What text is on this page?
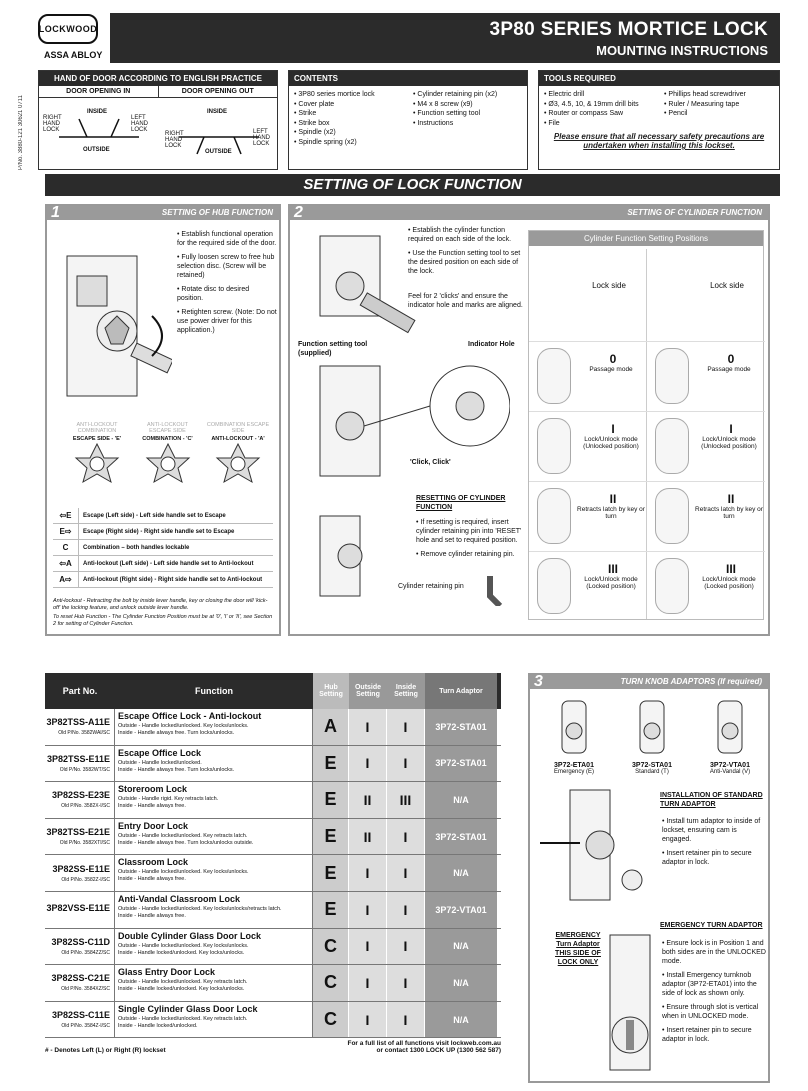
LOCKWOOD
ASSA ABLOY
P/No. 3880-121 30621 0711
3P80 SERIES MORTICE LOCK
MOUNTING INSTRUCTIONS
HAND OF DOOR ACCORDING TO ENGLISH PRACTICE
DOOR OPENING IN	DOOR OPENING OUT
INSIDE
OUTSIDE
INSIDE
OUTSIDE
RIGHT HAND LOCK
LEFT HAND LOCK
RIGHT HAND LOCK
LEFT HAND LOCK
CONTENTS
• 3P80 series mortice lock
• Cover plate
• Strike
• Strike box
• Spindle (x2)
• Spindle spring (x2)
• Cylinder retaining pin (x2)
• M4 x 8 screw (x9)
• Function setting tool
• Instructions
TOOLS REQUIRED
• Electric drill
• Ø3, 4.5, 10, & 19mm drill bits
• Router or compass Saw
• File
• Phillips head screwdriver
• Ruler / Measuring tape
• Pencil
Please ensure that all necessary safety precautions are undertaken when installing this lockset.
SETTING OF LOCK FUNCTION
SETTING OF HUB FUNCTION
1
• Establish functional operation for the required side of the door.
• Fully loosen screw to free hub selection disc. (Screw will be retained)
• Rotate disc to desired position.
• Retighten screw. (Note: Do not use power driver for this application.)
ANTI-LOCKOUT COMBINATION
ESCAPE SIDE - 'E'
ANTI-LOCKOUT ESCAPE SIDE
COMBINATION - 'C'
COMBINATION ESCAPE SIDE
ANTI-LOCKOUT - 'A'
⇦E	Escape (Left side) - Left side handle set to Escape
E⇨	Escape (Right side) - Right side handle set to Escape
C	Combination – both handles lockable
⇦A	Anti-lockout (Left side) - Left side handle set to Anti-lockout
A⇨	Anti-lockout (Right side) - Right side handle set to Anti-lockout
Anti-lockout - Retracting the bolt by inside lever handle, key or closing the door will 'kick-off' the locking feature, and unlock outside lever handle.
To reset Hub Function - The Cylinder Function Position must be at '0', 'I' or 'II', see Section 2 for setting of Cylinder Function.
SETTING OF CYLINDER FUNCTION
2
• Establish the cylinder function required on each side of the lock.
• Use the Function setting tool to set the desired position on each side of the lock.
Feel for 2 'clicks' and ensure the indicator hole and marks are aligned.
Function setting tool (supplied)
Indicator Hole
'Click, Click'
RESETTING OF CYLINDER FUNCTION
• If resetting is required, insert cylinder retaining pin into 'RESET' hole and set to required position.
• Remove cylinder retaining pin.
Cylinder retaining pin
Cylinder Function Setting Positions
Lock side	Lock side
0
Passage mode
0
Passage mode
I
Lock/Unlock mode (Unlocked position)
I
Lock/Unlock mode (Unlocked position)
II
Retracts latch by key or turn
II
Retracts latch by key or turn
III
Lock/Unlock mode (Locked position)
III
Lock/Unlock mode (Locked position)
Part No.	Function	Hub Setting
Outside Setting
Inside Setting	Turn Adaptor
3P82TSS-A11E
Old P/No. 3582WAI/SC
Escape Office Lock - Anti-lockout
Outside - Handle locked/unlocked. Key locks/unlocks.
Inside - Handle always free. Turn locks/unlocks.	A	I	I	3P72-STA01
3P82TSS-E11E
Old P/No. 3582WT/SC
Escape Office Lock
Outside - Handle locked/unlocked.
Inside - Handle always free. Turn locks/unlocks.	E	I	I	3P72-STA01
3P82SS-E23E
Old P/No. 3582X-I/SC
Storeroom Lock
Outside - Handle rigid. Key retracts latch.
Inside - Handle always free.	E	II	III	N/A
3P82TSS-E21E
Old P/No. 3582XTI/SC
Entry Door Lock
Outside - Handle locked/unlocked. Key retracts latch.
Inside - Handle always free. Turn locks/unlocks outside.	E	II	I	3P72-STA01
3P82SS-E11E
Old P/No. 3582Z-I/SC
Classroom Lock
Outside - Handle locked/unlocked. Key locks/unlocks.
Inside - Handle always free.	E	I	I	N/A
3P82VSS-E11E
Anti-Vandal Classroom Lock
Outside - Handle locked/unlocked. Key locks/unlocks/retracts latch.
Inside - Handle always free.	E	I	I	3P72-VTA01
3P82SS-C11D
Old P/No. 3584ZZ/SC
Double Cylinder Glass Door Lock
Outside - Handle locked/unlocked. Key locks/unlocks.
Inside - Handle locked/unlocked. Key locks/unlocks.	C	I	I	N/A
3P82SS-C21E
Old P/No. 3584XZ/SC
Glass Entry Door Lock
Outside - Handle locked/unlocked. Key retracts latch.
Inside - Handle locked/unlocked. Key locks/unlocks.	C	I	I	N/A
3P82SS-C11E
Old P/No. 3584Z-I/SC
Single Cylinder Glass Door Lock
Outside - Handle locked/unlocked. Key retracts latch.
Inside - Handle locked/unlocked.	C	I	I	N/A
# - Denotes Left (L) or Right (R) lockset
For a full list of all functions visit lockweb.com.au
or contact 1300 LOCK UP (1300 562 587)
TURN KNOB ADAPTORS (If required)
3
3P72-ETA01
Emergency (E)
3P72-STA01
Standard (T)
3P72-VTA01
Anti-Vandal (V)
INSTALLATION OF STANDARD TURN ADAPTOR
• Install turn adaptor to inside of lockset, ensuring cam is engaged.
• Insert retainer pin to secure adaptor in lock.
EMERGENCY Turn Adaptor THIS SIDE OF LOCK ONLY
EMERGENCY TURN ADAPTOR
• Ensure lock is in Position 1 and both sides are in the UNLOCKED mode.
• Install Emergency turnknob adaptor (3P72-ETA01) into the side of lock as shown only.
• Ensure through slot is vertical when in UNLOCKED mode.
• Insert retainer pin to secure adaptor in lock.
